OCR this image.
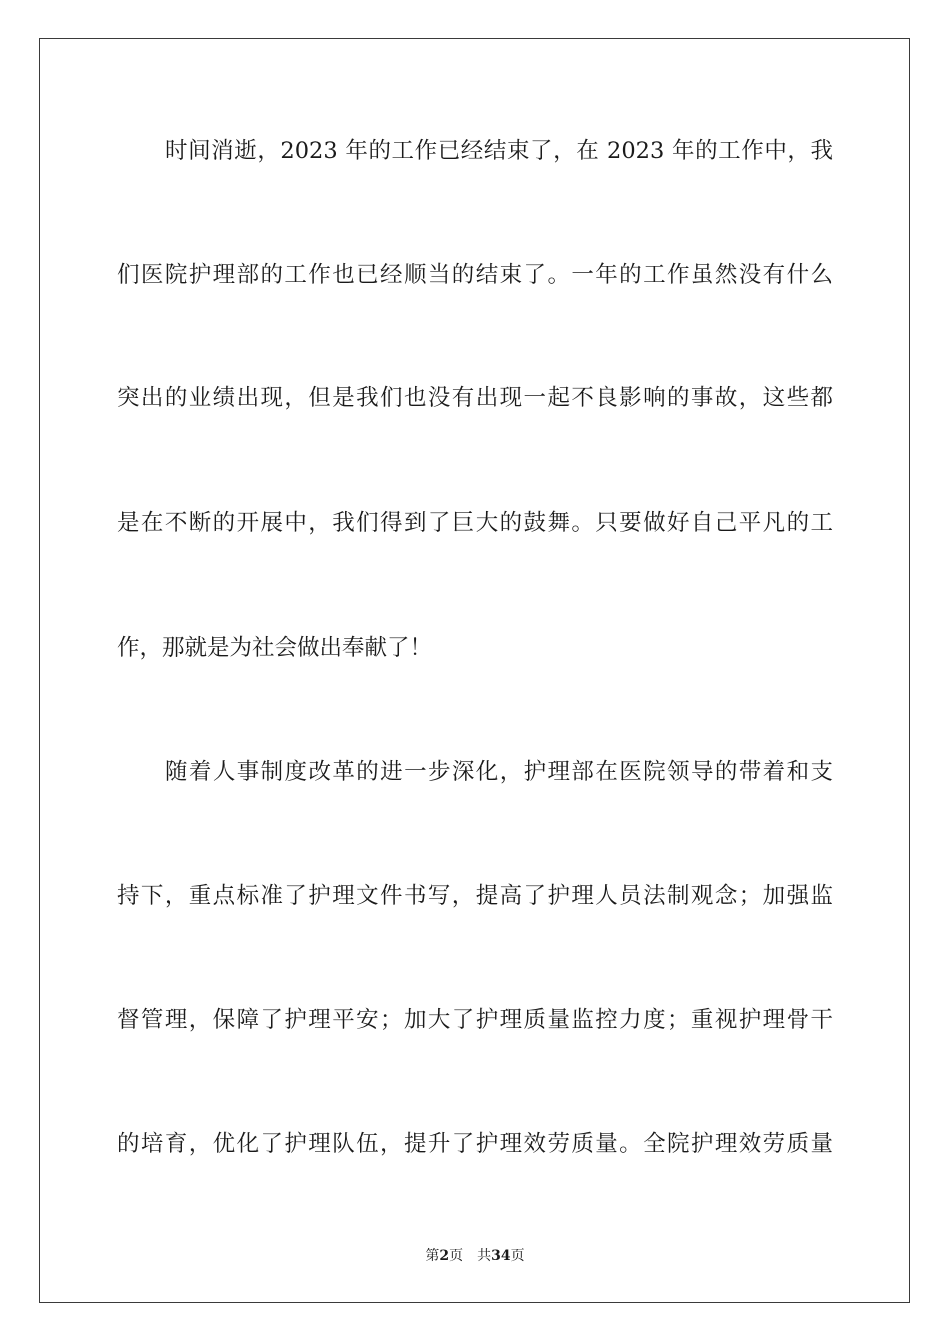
时间消逝，2023 年的工作已经结束了，在 2023 年的工作中，我
们医院护理部的工作也已经顺当的结束了。一年的工作虽然没有什么
突出的业绩出现，但是我们也没有出现一起不良影响的事故，这些都
是在不断的开展中，我们得到了巨大的鼓舞。只要做好自己平凡的工
作，那就是为社会做出奉献了！
随着人事制度改革的进一步深化，护理部在医院领导的带着和支
持下，重点标准了护理文件书写，提高了护理人员法制观念；加强监
督管理，保障了护理平安；加大了护理质量监控力度；重视护理骨干
的培育，优化了护理队伍，提升了护理效劳质量。全院护理效劳质量
第2页 共34页
